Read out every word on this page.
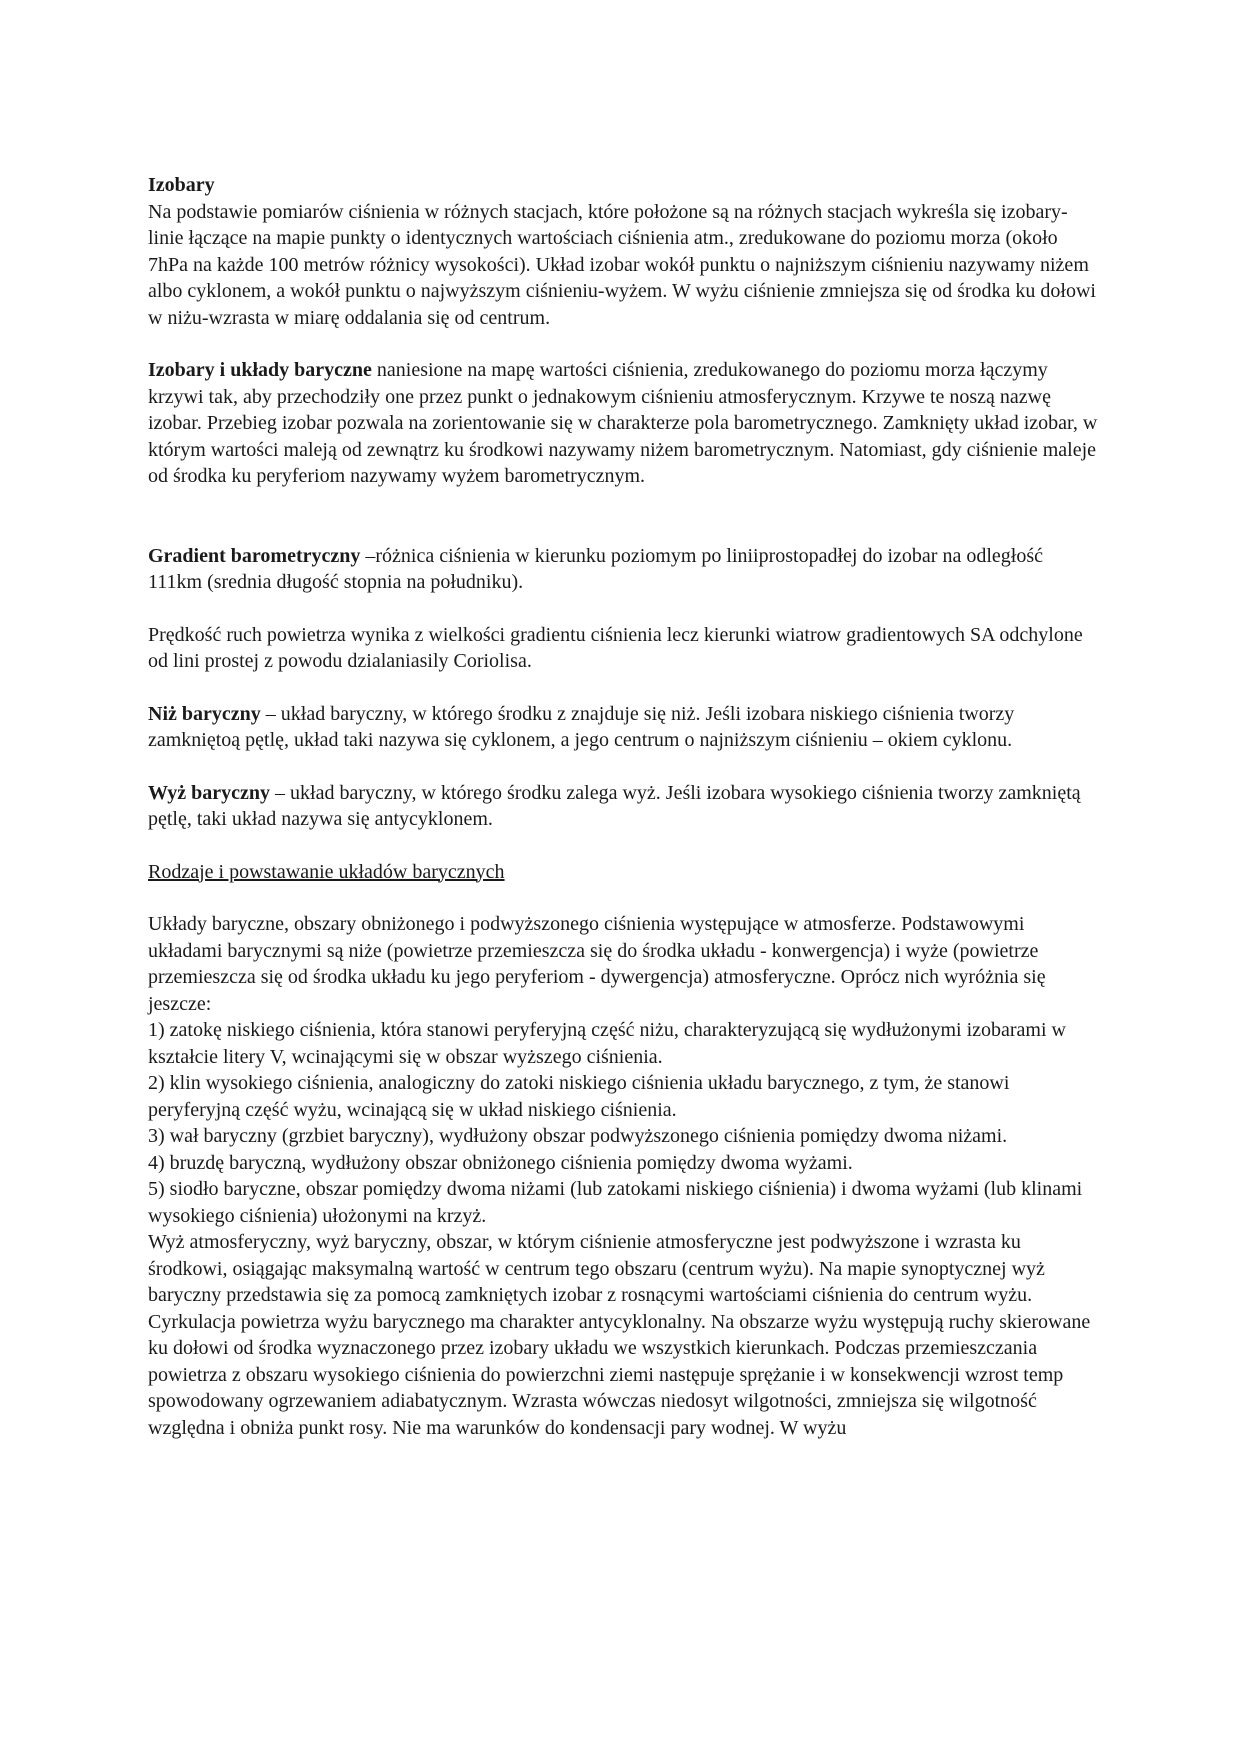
Izobary

Na podstawie pomiarów ciśnienia w różnych stacjach, które położone są na różnych stacjach wykreśla się izobary-linie łączące na mapie punkty o identycznych wartościach ciśnienia atm., zredukowane do poziomu morza (około 7hPa na każde 100 metrów różnicy wysokości). Układ izobar wokół punktu o najniższym ciśnieniu nazywamy niżem albo cyklonem, a wokół punktu o najwyższym ciśnieniu-wyżem. W wyżu ciśnienie zmniejsza się od środka ku dołowi w niżu-wzrasta w miarę oddalania się od centrum.

Izobary i układy baryczne naniesione na mapę wartości ciśnienia, zredukowanego do poziomu morza łączymy krzywi tak, aby przechodziły one przez punkt o jednakowym ciśnieniu atmosferycznym. Krzywe te noszą nazwę izobar. Przebieg izobar pozwala na zorientowanie się w charakterze pola barometrycznego. Zamknięty układ izobar, w którym wartości maleją od zewnątrz ku środkowi nazywamy niżem barometrycznym. Natomiast, gdy ciśnienie maleje od środka ku peryferiom nazywamy wyżem barometrycznym.

Gradient barometryczny –różnica ciśnienia w kierunku poziomym po liniiprostopadłej do izobar na odległość 111km (srednia długość stopnia na południku).

Prędkość ruch powietrza wynika z wielkości gradientu ciśnienia lecz kierunki wiatrow gradientowych SA odchylone od lini prostej z powodu dzialaniasily Coriolisa.

Niż baryczny – układ baryczny, w którego środku z znajduje się niż. Jeśli izobara niskiego ciśnienia tworzy zamkniętoą pętlę, układ taki nazywa się cyklonem, a jego centrum o najniższym ciśnieniu – okiem cyklonu.

Wyż baryczny – układ baryczny, w którego środku zalega wyż. Jeśli izobara wysokiego ciśnienia tworzy zamkniętą pętlę, taki układ nazywa się antycyklonem.

Rodzaje i powstawanie układów barycznych

Układy baryczne, obszary obniżonego i podwyższonego ciśnienia występujące w atmosferze. Podstawowymi układami barycznymi są niże (powietrze przemieszcza się do środka układu - konwergencja) i wyże (powietrze przemieszcza się od środka układu ku jego peryferiom - dywergencja) atmosferyczne. Oprócz nich wyróżnia się jeszcze:

1) zatokę niskiego ciśnienia, która stanowi peryferyjną część niżu, charakteryzującą się wydłużonymi izobarami w kształcie litery V, wcinającymi się w obszar wyższego ciśnienia.

2) klin wysokiego ciśnienia, analogiczny do zatoki niskiego ciśnienia układu barycznego, z tym, że stanowi peryferyjną część wyżu, wcinającą się w układ niskiego ciśnienia.

3) wał baryczny (grzbiet baryczny), wydłużony obszar podwyższonego ciśnienia pomiędzy dwoma niżami.

4) bruzdę baryczną, wydłużony obszar obniżonego ciśnienia pomiędzy dwoma wyżami.

5) siodło baryczne, obszar pomiędzy dwoma niżami (lub zatokami niskiego ciśnienia) i dwoma wyżami (lub klinami wysokiego ciśnienia) ułożonymi na krzyż.

Wyż atmosferyczny, wyż baryczny, obszar, w którym ciśnienie atmosferyczne jest podwyższone i wzrasta ku środkowi, osiągając maksymalną wartość w centrum tego obszaru (centrum wyżu). Na mapie synoptycznej wyż baryczny przedstawia się za pomocą zamkniętych izobar z rosnącymi wartościami ciśnienia do centrum wyżu. Cyrkulacja powietrza wyżu barycznego ma charakter antycyklonalny. Na obszarze wyżu występują ruchy skierowane ku dołowi od środka wyznaczonego przez izobary układu we wszystkich kierunkach. Podczas przemieszczania powietrza z obszaru wysokiego ciśnienia do powierzchni ziemi następuje sprężanie i w konsekwencji wzrost temp spowodowany ogrzewaniem adiabatycznym. Wzrasta wówczas niedosyt wilgotności, zmniejsza się wilgotność względna i obniża punkt rosy. Nie ma warunków do kondensacji pary wodnej. W wyżu
